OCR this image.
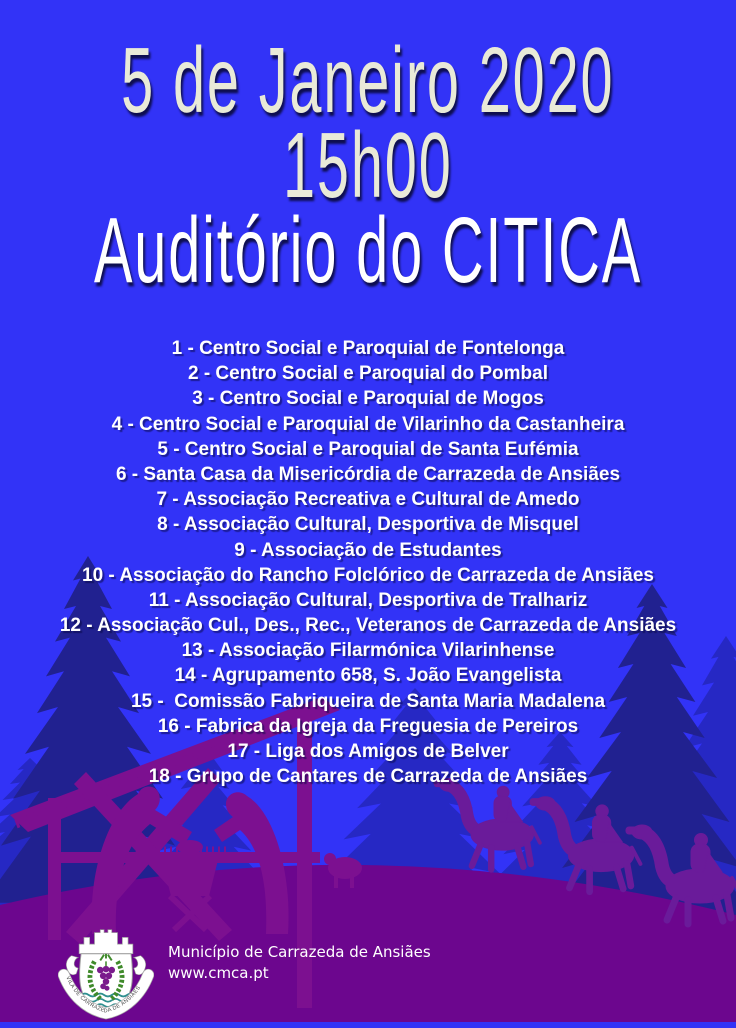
5 de Janeiro 2020
15h00
Auditório do CITICA
1 - Centro Social e Paroquial de Fontelonga
2 - Centro Social e Paroquial do Pombal
3 - Centro Social e Paroquial de Mogos
4 - Centro Social e Paroquial de Vilarinho da Castanheira
5 - Centro Social e Paroquial de Santa Eufémia
6 - Santa Casa da Misericórdia de Carrazeda de Ansiães
7 - Associação Recreativa e Cultural de Amedo
8 - Associação Cultural, Desportiva de Misquel
9 - Associação de Estudantes
10 - Associação do Rancho Folclórico de Carrazeda de Ansiães
11 - Associação Cultural, Desportiva de Tralhariz
12 - Associação Cul., Des., Rec., Veteranos de Carrazeda de Ansiães
13 - Associação Filarmónica Vilarinhense
14 - Agrupamento 658, S. João Evangelista
15 -  Comissão Fabriqueira de Santa Maria Madalena
16 - Fabrica da Igreja da Freguesia de Pereiros
17 - Liga dos Amigos de Belver
18 - Grupo de Cantares de Carrazeda de Ansiães
VILA DE CARRAZEDA DE ANSIÃES
Município de Carrazeda de Ansiães
www.cmca.pt
